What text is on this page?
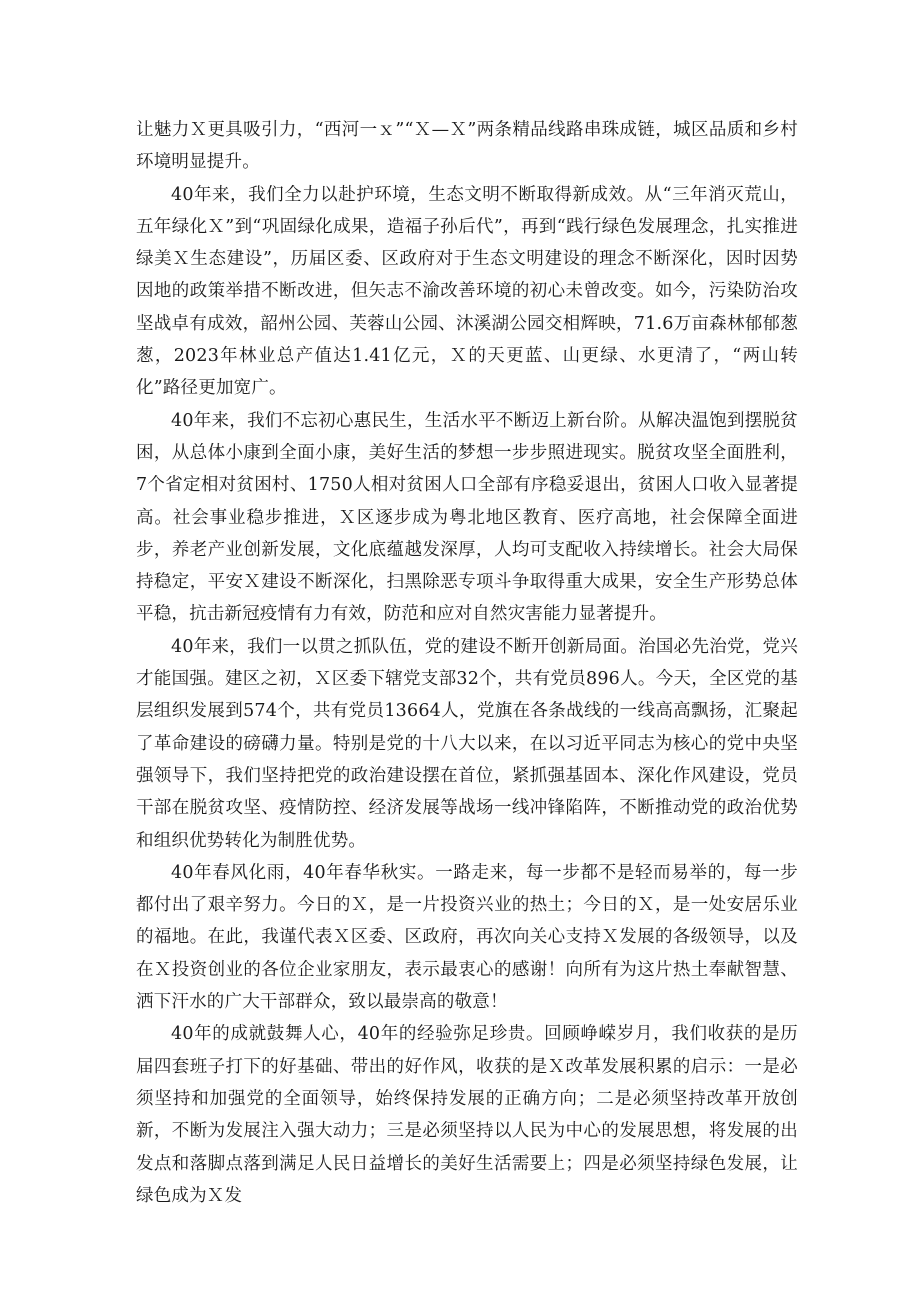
让魅力Ｘ更具吸引力，“西河一ｘ”“Ｘ—Ｘ”两条精品线路串珠成链，城区品质和乡村环境明显提升。

40年来，我们全力以赴护环境，生态文明不断取得新成效。从“三年消灭荒山，五年绿化Ｘ”到“巩固绿化成果，造福子孙后代”，再到“践行绿色发展理念，扎实推进绿美Ｘ生态建设”，历届区委、区政府对于生态文明建设的理念不断深化，因时因势因地的政策举措不断改进，但矢志不渝改善环境的初心未曾改变。如今，污染防治攻坚战卓有成效，韶州公园、芙蓉山公园、沐溪湖公园交相辉映，71.6万亩森林郁郁葱葱，2023年林业总产值达1.41亿元，Ｘ的天更蓝、山更绿、水更清了，“两山转化”路径更加宽广。

40年来，我们不忘初心惠民生，生活水平不断迈上新台阶。从解决温饱到摆脱贫困，从总体小康到全面小康，美好生活的梦想一步步照进现实。脱贫攻坚全面胜利，7个省定相对贫困村、1750人相对贫困人口全部有序稳妥退出，贫困人口收入显著提高。社会事业稳步推进，Ｘ区逐步成为粤北地区教育、医疗高地，社会保障全面进步，养老产业创新发展，文化底蕴越发深厚，人均可支配收入持续增长。社会大局保持稳定，平安Ｘ建设不断深化，扫黑除恶专项斗争取得重大成果，安全生产形势总体平稳，抗击新冠疫情有力有效，防范和应对自然灾害能力显著提升。

40年来，我们一以贯之抓队伍，党的建设不断开创新局面。治国必先治党，党兴才能国强。建区之初，Ｘ区委下辖党支部32个，共有党员896人。今天，全区党的基层组织发展到574个，共有党员13664人，党旗在各条战线的一线高高飘扬，汇聚起了革命建设的磅礴力量。特别是党的十八大以来，在以习近平同志为核心的党中央坚强领导下，我们坚持把党的政治建设摆在首位，紧抓强基固本、深化作风建设，党员干部在脱贫攻坚、疫情防控、经济发展等战场一线冲锋陷阵，不断推动党的政治优势和组织优势转化为制胜优势。

40年春风化雨，40年春华秋实。一路走来，每一步都不是轻而易举的，每一步都付出了艰辛努力。今日的Ｘ，是一片投资兴业的热土；今日的Ｘ，是一处安居乐业的福地。在此，我谨代表Ｘ区委、区政府，再次向关心支持Ｘ发展的各级领导，以及在Ｘ投资创业的各位企业家朋友，表示最衷心的感谢！向所有为这片热土奉献智慧、洒下汗水的广大干部群众，致以最崇高的敬意！

40年的成就鼓舞人心，40年的经验弥足珍贵。回顾峥嵘岁月，我们收获的是历届四套班子打下的好基础、带出的好作风，收获的是Ｘ改革发展积累的启示：一是必须坚持和加强党的全面领导，始终保持发展的正确方向；二是必须坚持改革开放创新，不断为发展注入强大动力；三是必须坚持以人民为中心的发展思想，将发展的出发点和落脚点落到满足人民日益增长的美好生活需要上；四是必须坚持绿色发展，让绿色成为Ｘ发
